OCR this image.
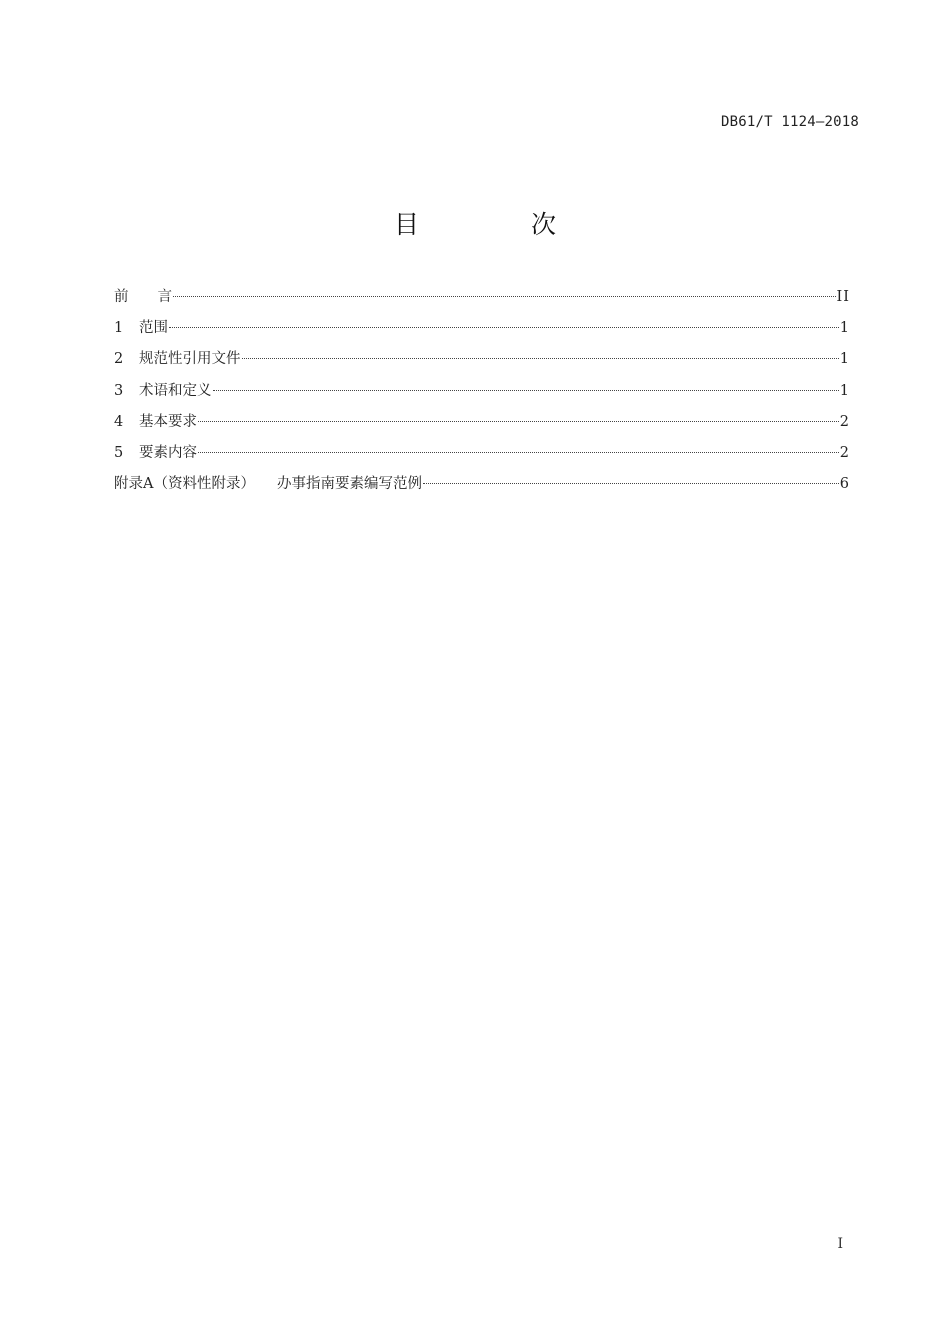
DB61/T 1124—2018
目 次
前 言	II
1	范围	1
2	规范性引用文件	1
3	术语和定义	1
4	基本要求	2
5	要素内容	2
附录A（资料性附录） 办事指南要素编写范例	6
I
